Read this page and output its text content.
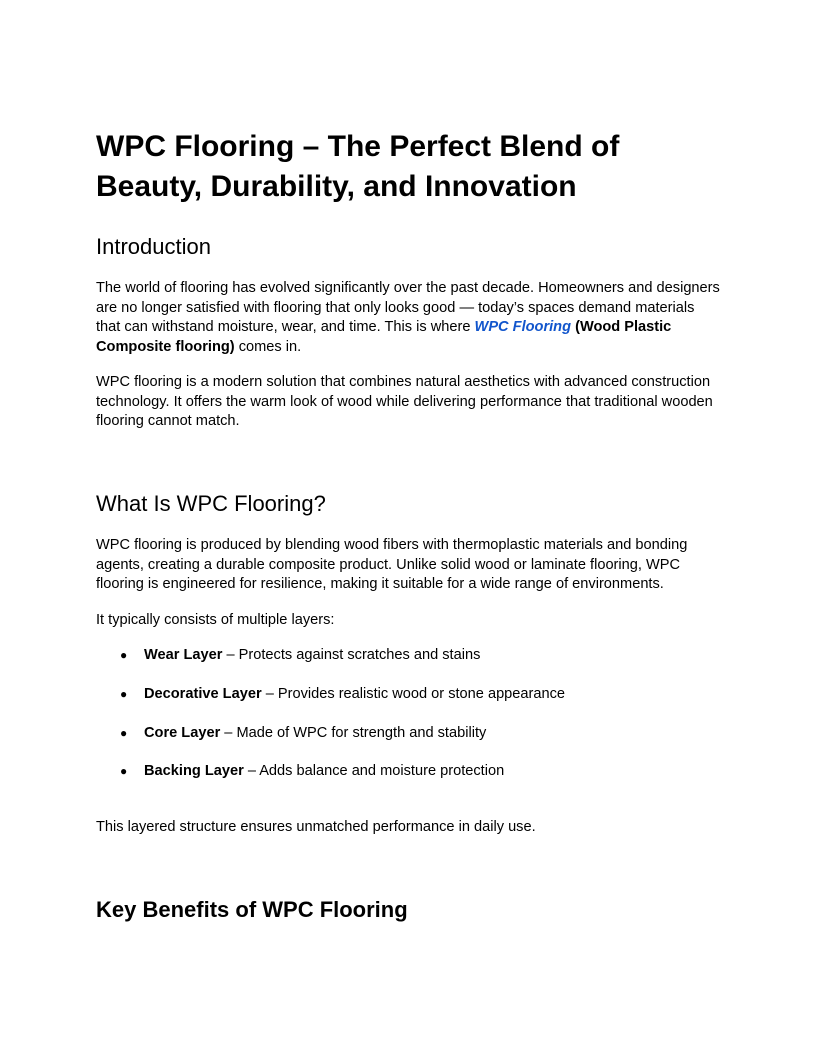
WPC Flooring – The Perfect Blend of Beauty, Durability, and Innovation
Introduction

The world of flooring has evolved significantly over the past decade. Homeowners and designers are no longer satisfied with flooring that only looks good — today’s spaces demand materials that can withstand moisture, wear, and time. This is where WPC Flooring (Wood Plastic Composite flooring) comes in.

WPC flooring is a modern solution that combines natural aesthetics with advanced construction technology. It offers the warm look of wood while delivering performance that traditional wooden flooring cannot match.

What Is WPC Flooring?

WPC flooring is produced by blending wood fibers with thermoplastic materials and bonding agents, creating a durable composite product. Unlike solid wood or laminate flooring, WPC flooring is engineered for resilience, making it suitable for a wide range of environments.

It typically consists of multiple layers:

● Wear Layer – Protects against scratches and stains
● Decorative Layer – Provides realistic wood or stone appearance
● Core Layer – Made of WPC for strength and stability
● Backing Layer – Adds balance and moisture protection

This layered structure ensures unmatched performance in daily use.

Key Benefits of WPC Flooring
